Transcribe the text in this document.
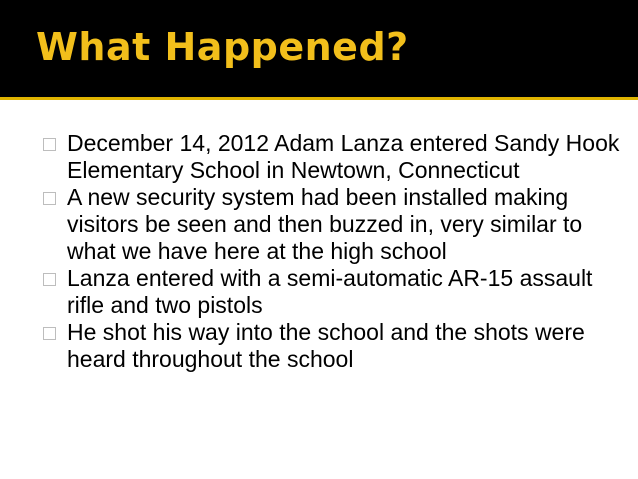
What Happened?
December 14, 2012 Adam Lanza entered Sandy Hook Elementary School in Newtown, Connecticut
A new security system had been installed making visitors be seen and then buzzed in, very similar to what we have here at the high school
Lanza entered with a semi-automatic AR-15 assault rifle and two pistols
He shot his way into the school and the shots were heard throughout the school
